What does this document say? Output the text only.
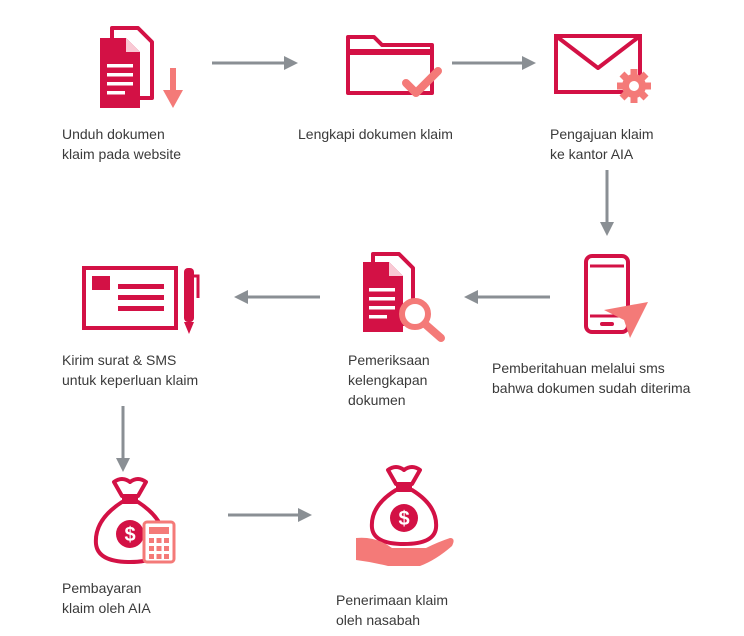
Unduh dokumen
klaim pada website
Lengkapi dokumen klaim	Pengajuan klaim
ke kantor AIA
Pemberitahuan melalui sms
bahwa dokumen sudah diterima
Pemeriksaan
kelengkapan
dokumen
Kirim surat & SMS
untuk keperluan klaim
$
Pembayaran
klaim oleh AIA
$
Penerimaan klaim
oleh nasabah
